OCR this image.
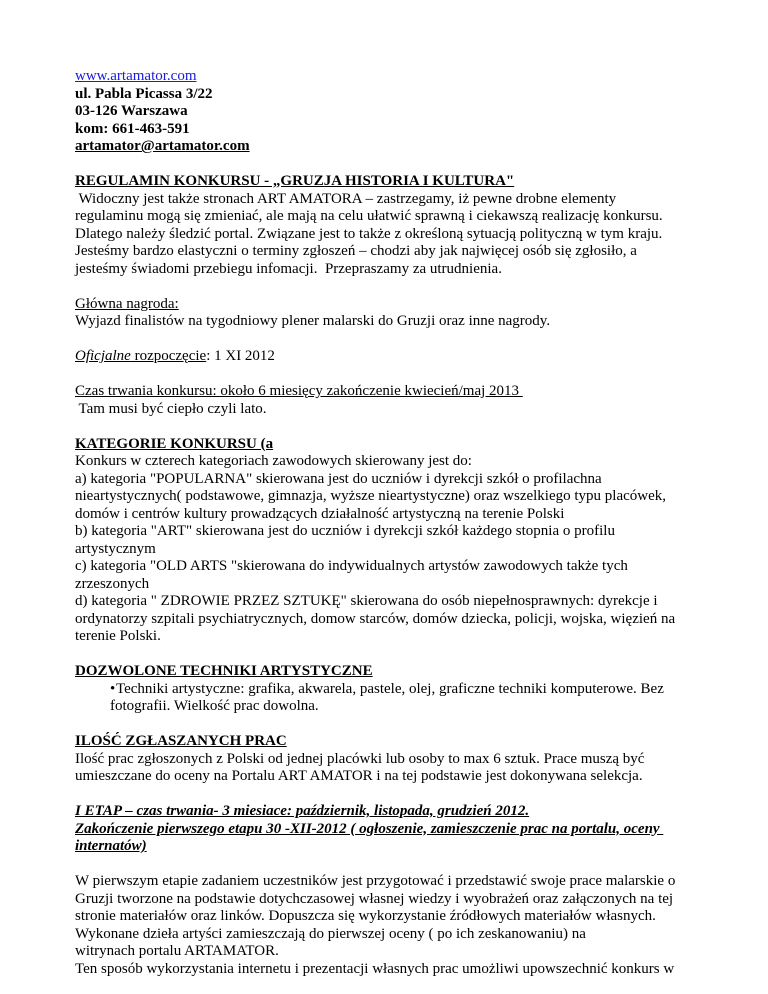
www.artamator.com
ul. Pabla Picassa 3/22
03-126 Warszawa
kom: 661-463-591
artamator@artamator.com
REGULAMIN KONKURSU - „GRUZJA HISTORIA I KULTURA"
Widoczny jest także stronach ART AMATORA – zastrzegamy, iż pewne drobne elementy
regulaminu mogą się zmieniać, ale mają na celu ułatwić sprawną i ciekawszą realizację konkursu.
Dlatego należy śledzić portal. Związane jest to także z określoną sytuacją polityczną w tym kraju.
Jesteśmy bardzo elastyczni o terminy zgłoszeń – chodzi aby jak najwięcej osób się zgłosiło, a
jesteśmy świadomi przebiegu infomacji.  Przepraszamy za utrudnienia.
Główna nagroda:
Wyjazd finalistów na tygodniowy plener malarski do Gruzji oraz inne nagrody.
Oficjalne rozpoczęcie: 1 XI 2012
Czas trwania konkursu: około 6 miesięcy zakończenie kwiecień/maj 2013
Tam musi być ciepło czyli lato.
KATEGORIE KONKURSU (a
Konkurs w czterech kategoriach zawodowych skierowany jest do:
a) kategoria "POPULARNA" skierowana jest do uczniów i dyrekcji szkół o profilachna
nieartystycznych( podstawowe, gimnazja, wyższe nieartystyczne) oraz wszelkiego typu placówek,
domów i centrów kultury prowadzących działalność artystyczną na terenie Polski
b) kategoria "ART" skierowana jest do uczniów i dyrekcji szkół każdego stopnia o profilu
artystycznym
c) kategoria "OLD ARTS "skierowana do indywidualnych artystów zawodowych także tych
zrzeszonych
d) kategoria " ZDROWIE PRZEZ SZTUKĘ" skierowana do osób niepełnosprawnych: dyrekcje i
ordynatorzy szpitali psychiatrycznych, domow starców, domów dziecka, policji, wojska, więzień na
terenie Polski.
DOZWOLONE TECHNIKI ARTYSTYCZNE
•Techniki artystyczne: grafika, akwarela, pastele, olej, graficzne techniki komputerowe. Bez
fotografii. Wielkość prac dowolna.
ILOŚĆ ZGŁASZANYCH PRAC
Ilość prac zgłoszonych z Polski od jednej placówki lub osoby to max 6 sztuk. Prace muszą być
umieszczane do oceny na Portalu ART AMATOR i na tej podstawie jest dokonywana selekcja.
I ETAP – czas trwania- 3 miesiace: październik, listopada, grudzień 2012.
Zakończenie pierwszego etapu 30 -XII-2012 ( ogłoszenie, zamieszczenie prac na portalu, oceny
internatów)
W pierwszym etapie zadaniem uczestników jest przygotować i przedstawić swoje prace malarskie o
Gruzji tworzone na podstawie dotychczasowej własnej wiedzy i wyobrażeń oraz załączonych na tej
stronie materiałów oraz linków. Dopuszcza się wykorzystanie źródłowych materiałów własnych.
Wykonane dzieła artyści zamieszczają do pierwszej oceny ( po ich zeskanowaniu) na
witrynach portalu ARTAMATOR.
Ten sposób wykorzystania internetu i prezentacji własnych prac umożliwi upowszechnić konkurs w
